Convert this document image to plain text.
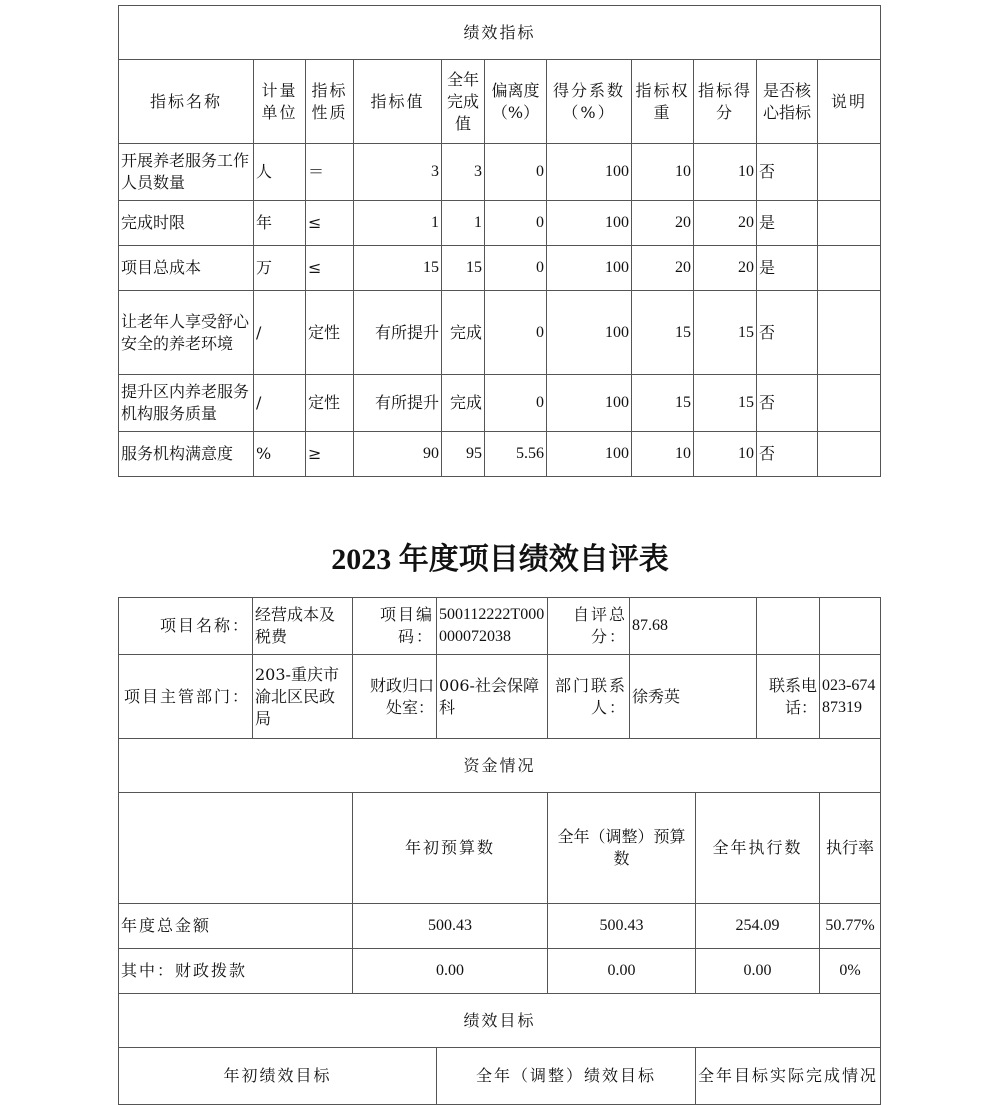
绩效指标										
指标名称	计量单位	指标性质	指标值	全年完成值	偏离度（%）	得分系数（%）	指标权重	指标得分	是否核心指标	说明
开展养老服务工作人员数量	人	＝	3	3	0	100	10	10	否	
完成时限	年	≤	1	1	0	100	20	20	是	
项目总成本	万	≤	15	15	0	100	20	20	是	
让老年人享受舒心安全的养老环境	/	定性	有所提升	完成	0	100	15	15	否	
提升区内养老服务机构服务质量	/	定性	有所提升	完成	0	100	15	15	否	
服务机构满意度	%	≥	90	95	5.56	100	10	10	否	
2023 年度项目绩效自评表
项目名称：	经营成本及税费	项目编码：	500112222T000000072038	自评总分：	87.68				
项目主管部门：	203-重庆市渝北区民政局	财政归口处室：	006-社会保障科	部门联系人：	徐秀英		联系电话：	023-67487319	
资金情况									
		年初预算数		全年（调整）预算数		全年执行数		执行率		
年度总金额		500.43		500.43		254.09		50.77%		
其中：财政拨款		0.00		0.00		0.00		0%		
绩效目标									
年初绩效目标			全年（调整）绩效目标			全年目标实际完成情况			
